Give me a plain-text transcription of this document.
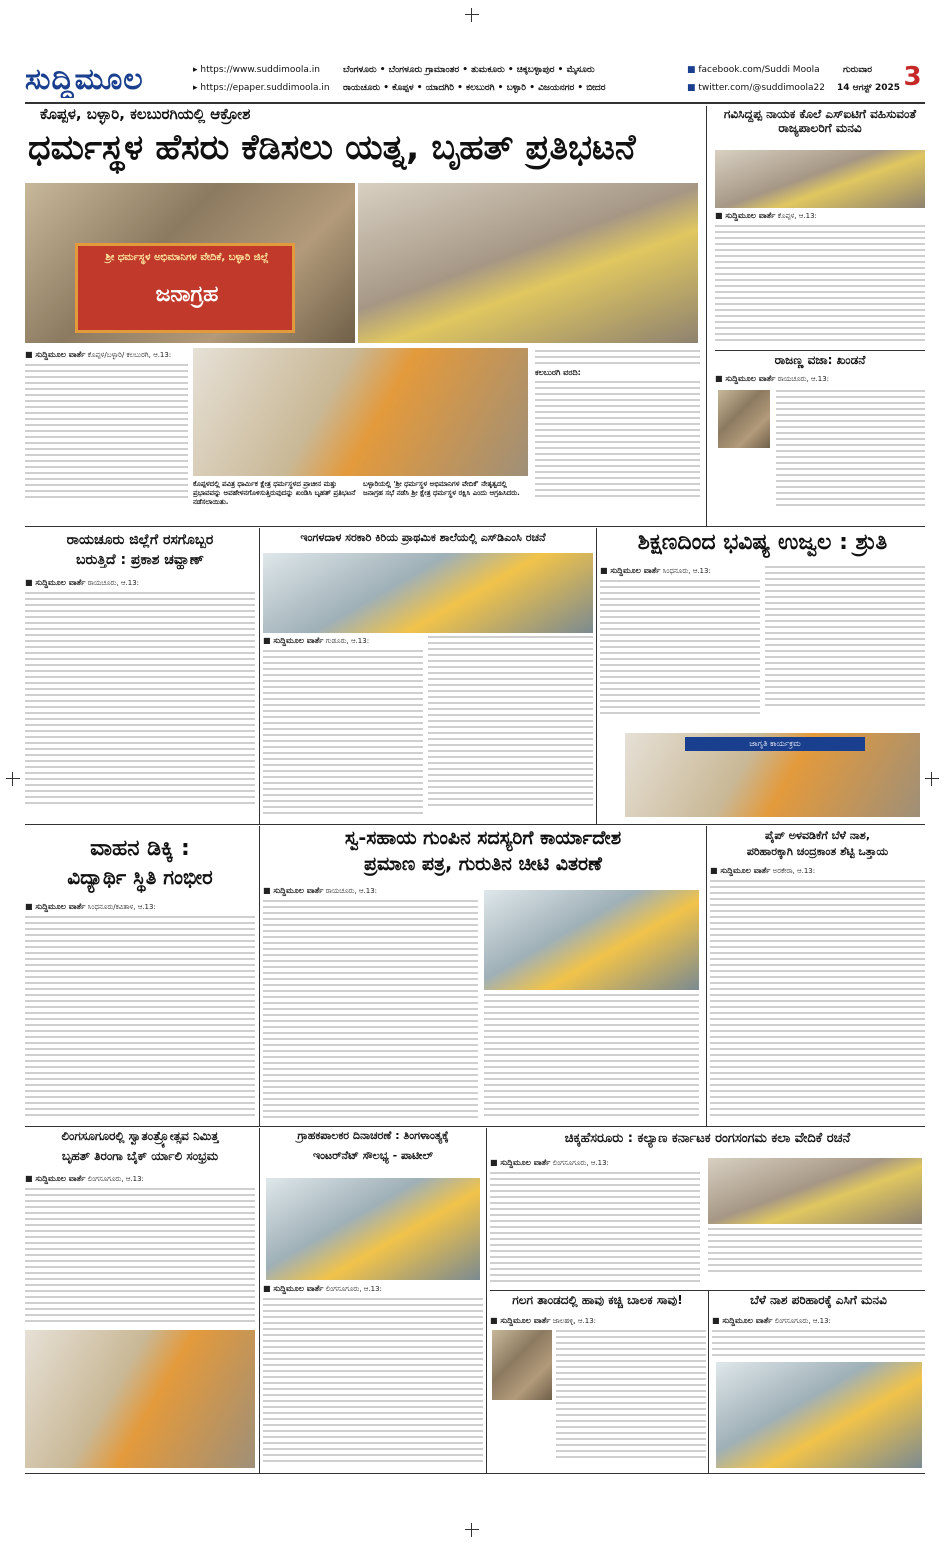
ಸುದ್ದಿಮೂಲ	▸ https://www.suddimoola.in
▸ https://epaper.suddimoola.in
ಬೆಂಗಳೂರು • ಬೆಂಗಳೂರು ಗ್ರಾಮಾಂತರ • ತುಮಕೂರು • ಚಿಕ್ಕಬಳ್ಳಾಪುರ • ಮೈಸೂರು
ರಾಯಚೂರು • ಕೊಪ್ಪಳ • ಯಾದಗಿರಿ • ಕಲಬುರಗಿ • ಬಳ್ಳಾರಿ • ವಿಜಯನಗರ • ಬೀದರ
■ facebook.com/Suddi Moola
■ twitter.com/@suddimoola22
ಗುರುವಾರ
14 ಆಗಸ್ಟ್ 2025 3
ಕೊಪ್ಪಳ, ಬಳ್ಳಾರಿ, ಕಲಬುರಗಿಯಲ್ಲಿ ಆಕ್ರೋಶ
ಧರ್ಮಸ್ಥಳ ಹೆಸರು ಕೆಡಿಸಲು ಯತ್ನ, ಬೃಹತ್ ಪ್ರತಿಭಟನೆ
ಶ್ರೀ ಧರ್ಮಸ್ಥಳ ಅಭಿಮಾನಿಗಳ ವೇದಿಕೆ, ಬಳ್ಳಾರಿ ಜಿಲ್ಲೆ
ಜನಾಗ್ರಹ
■ ಸುದ್ದಿಮೂಲ ವಾರ್ತೆ ಕೊಪ್ಪಳ/ಬಳ್ಳಾರಿ/ ಕಲಬುರಗಿ, ಆ.13:
ಕೊಪ್ಪಳದಲ್ಲಿ ಪವಿತ್ರ ಧಾರ್ಮಿಕ ಕ್ಷೇತ್ರ ಧರ್ಮಸ್ಥಳದ ಪ್ರಾಚೀನ ಮತ್ತು ಪ್ರಭಾವವನ್ನು ಅವಹೇಳನಗೊಳಿಸುತ್ತಿರುವುದನ್ನು ಖಂಡಿಸಿ ಬೃಹತ್ ಪ್ರತಿಭಟನೆ ನಡೆಸಲಾಯಿತು.
ಬಳ್ಳಾರಿಯಲ್ಲಿ 'ಶ್ರೀ ಧರ್ಮಸ್ಥಳ ಅಭಿಮಾನಿಗಳ ವೇದಿಕೆ' ನೇತೃತ್ವದಲ್ಲಿ ಜನಾಗ್ರಹ ಸಭೆ ನಡೆಸಿ ಶ್ರೀ ಕ್ಷೇತ್ರ ಧರ್ಮಸ್ಥಳ ರಕ್ಷಿಸಿ ಎಂದು ಆಗ್ರಹಿಸಿದರು.
ಕಲಬುರಗಿ ವರದಿ:
ಗವಿಸಿದ್ದಪ್ಪ ನಾಯಕ ಕೊಲೆ ಎಸ್‌ಐಟಿಗೆ ವಹಿಸುವಂತೆ ರಾಜ್ಯಪಾಲರಿಗೆ ಮನವಿ
■ ಸುದ್ದಿಮೂಲ ವಾರ್ತೆ ಕೊಪ್ಪಳ, ಆ.13:
ರಾಜಣ್ಣ ವಜಾ: ಖಂಡನೆ
■ ಸುದ್ದಿಮೂಲ ವಾರ್ತೆ ರಾಯಚೂರು, ಆ.13:
ರಾಯಚೂರು ಜಿಲ್ಲೆಗೆ ರಸಗೊಬ್ಬರ
ಬರುತ್ತಿದೆ : ಪ್ರಕಾಶ ಚವ್ಹಾಣ್
■ ಸುದ್ದಿಮೂಲ ವಾರ್ತೆ ರಾಯಚೂರು, ಆ.13:
ಇಂಗಳದಾಳ ಸರಕಾರಿ ಕಿರಿಯ ಪ್ರಾಥಮಿಕ ಶಾಲೆಯಲ್ಲಿ ಎಸ್‌ಡಿಎಂಸಿ ರಚನೆ
■ ಸುದ್ದಿಮೂಲ ವಾರ್ತೆ ಗುಡೂರು, ಆ.13:
ಶಿಕ್ಷಣದಿಂದ ಭವಿಷ್ಯ ಉಜ್ವಲ : ಶ್ರುತಿ
■ ಸುದ್ದಿಮೂಲ ವಾರ್ತೆ ಸಿಂಧನೂರು, ಆ.13:
ಜಾಗೃತಿ ಕಾರ್ಯಕ್ರಮ
ವಾಹನ ಡಿಕ್ಕಿ :
ವಿದ್ಯಾರ್ಥಿ ಸ್ಥಿತಿ ಗಂಭೀರ
■ ಸುದ್ದಿಮೂಲ ವಾರ್ತೆ ಸಿಂಧನೂರು/ಕವಿತಾಳ, ಆ.13:
ಸ್ವ-ಸಹಾಯ ಗುಂಪಿನ ಸದಸ್ಯರಿಗೆ ಕಾರ್ಯಾದೇಶ
ಪ್ರಮಾಣ ಪತ್ರ, ಗುರುತಿನ ಚೀಟಿ ವಿತರಣೆ
■ ಸುದ್ದಿಮೂಲ ವಾರ್ತೆ ರಾಯಚೂರು, ಆ.13:
ಪೈಪ್ ಅಳವಡಿಕೆಗೆ ಬೆಳೆ ನಾಶ,
ಪರಿಹಾರಕ್ಕಾಗಿ ಚಂದ್ರಕಾಂತ ಶೆಟ್ಟಿ ಒತ್ತಾಯ
■ ಸುದ್ದಿಮೂಲ ವಾರ್ತೆ ಅರಕೇರಾ, ಆ.13:
ಲಿಂಗಸೂಗೂರಲ್ಲಿ ಸ್ವಾತಂತ್ರ್ಯೋತ್ಸವ ನಿಮಿತ್ತ
ಬೃಹತ್ ತಿರಂಗಾ ಬೈಕ್ ರ್ಯಾಲಿ ಸಂಭ್ರಮ
■ ಸುದ್ದಿಮೂಲ ವಾರ್ತೆ ಲಿಂಗಸೂಗೂರು, ಆ.13:
ಗ್ರಾಹಕಪಾಲಕರ ದಿನಾಚರಣೆ : ತಿಂಗಳಾಂತ್ಯಕ್ಕೆ
ಇಂಟರ್‌ನೆಟ್ ಸೌಲಭ್ಯ - ಪಾಟೀಲ್
■ ಸುದ್ದಿಮೂಲ ವಾರ್ತೆ ಲಿಂಗಸೂಗೂರು, ಆ.13:
ಚಿಕ್ಕಹೆಸರೂರು : ಕಲ್ಯಾಣ ಕರ್ನಾಟಕ ರಂಗಸಂಗಮ ಕಲಾ ವೇದಿಕೆ ರಚನೆ
■ ಸುದ್ದಿಮೂಲ ವಾರ್ತೆ ಲಿಂಗಸೂಗೂರು, ಆ.13:
ಗಲಗ ತಾಂಡದಲ್ಲಿ ಹಾವು ಕಚ್ಚಿ ಬಾಲಕ ಸಾವು!
■ ಸುದ್ದಿಮೂಲ ವಾರ್ತೆ ಜಾಲಹಳ್ಳಿ, ಆ.13:
ಬೆಳೆ ನಾಶ ಪರಿಹಾರಕ್ಕೆ ಎಸಿಗೆ ಮನವಿ
■ ಸುದ್ದಿಮೂಲ ವಾರ್ತೆ ಲಿಂಗಸೂಗೂರು, ಆ.13:
